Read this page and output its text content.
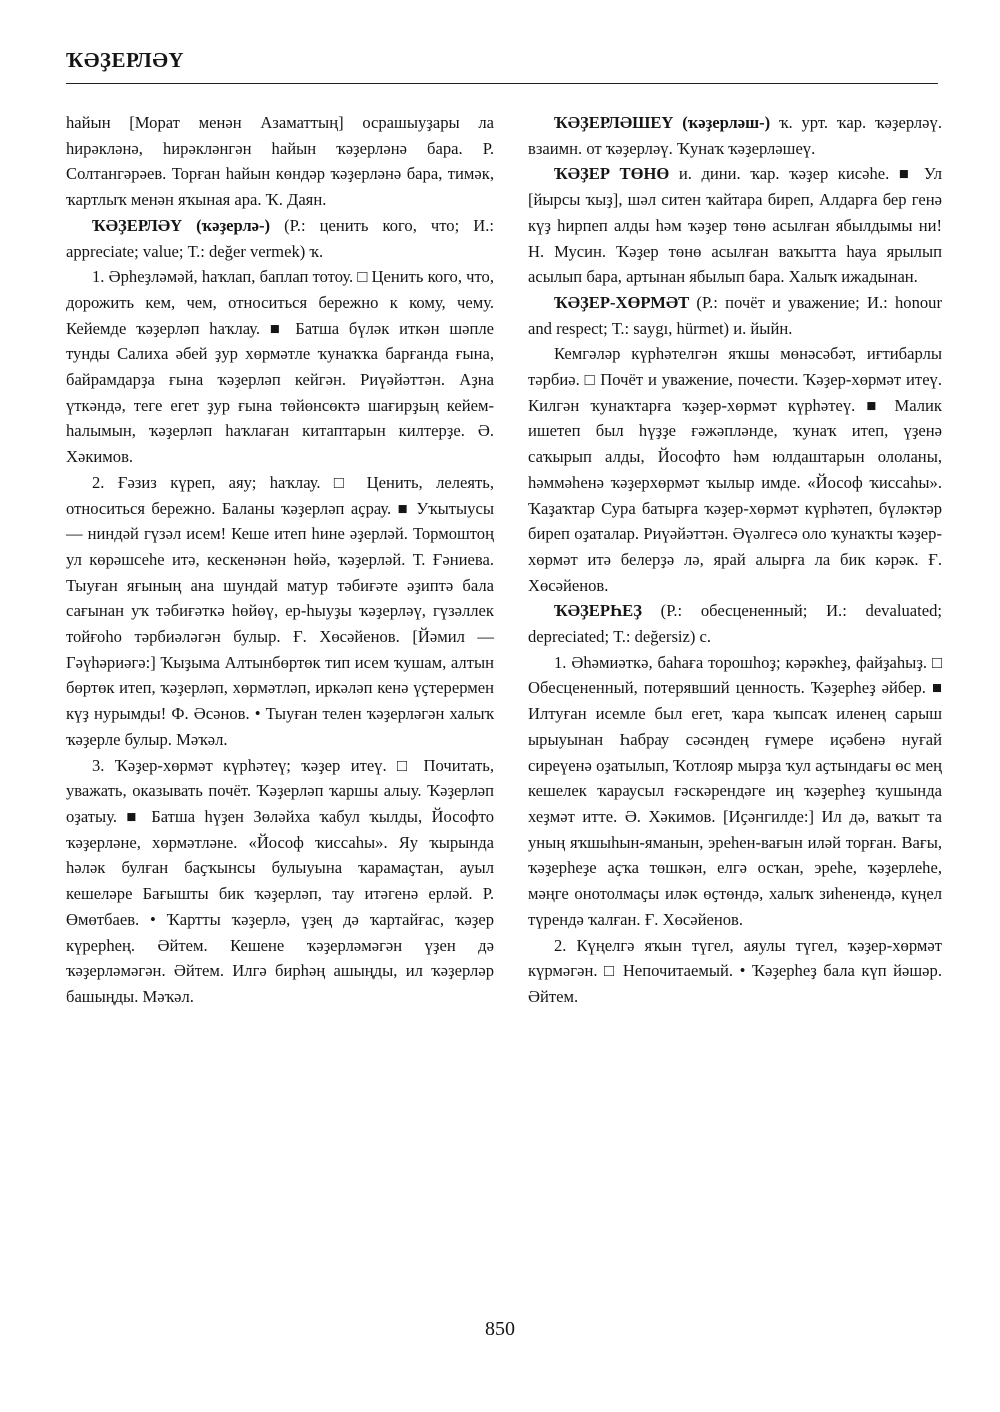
ҠӘҘЕРЛӘҮ

һайын [Морат менән Азаматтың] осрашыуҙары ла һирәкләнә, һирәкләнгән һайын ҡәҙерләнә бара. Р. Солтангәрәев. Торған һайын көндәр ҡәҙерләнә бара, тимәк, ҡартлыҡ менән яҡыная ара. Ҡ. Даян.

ҠӘҘЕРЛӘҮ (ҡәҙерлә-) (Р.: ценить кого, что; И.: appreciate; value; Т.: değer vermek) ҡ.

1. Әрһеҙләмәй, һаҡлап, баплап тотоу. □ Ценить кого, что, дорожить кем, чем, относиться бережно к кому, чему. Кейемде ҡәҙерләп һаҡлау. ■ Батша бүләк иткән шәпле тунды Салиха әбей ҙур хөрмәтле ҡунаҡҡа барғанда ғына, байрамдарҙа ғына ҡәҙерләп кейгән. Риүәйәттән. Аҙна үткәндә, теге егет ҙур ғына төйөнсөктә шағирҙың кейем-һалымын, ҡәҙерләп һаҡлаған китаптарын килтерҙе. Ә. Хәкимов.

2. Ғәзиз күреп, аяу; һаҡлау. □ Ценить, лелеять, относиться бережно. Баланы ҡәҙерләп аҫрау. ■ Уҡытыусы — ниндәй гүзәл исем! Кеше итеп һине әҙерләй. Тормоштоң ул көрәшсеһе итә, кескенәнән һөйә, ҡәҙерләй. Т. Ғәниева. Тыуған яғының ана шундай матур тәбиғәте әҙиптә бала сағынан уҡ тәбиғәткә һөйөү, ер-һыуҙы ҡәҙерләү, гүзәллек тойғоһо тәрбиәләгән булыр. Ғ. Хөсәйенов. [Йәмил — Гәүһәриәгә:] Ҡыҙыма Алтынбөртөк тип исем ҡушам, алтын бөртөк итеп, ҡәҙерләп, хөрмәтләп, иркәләп кенә үҫтерермен күҙ нурымды! Ф. Әсәнов. • Тыуған телен ҡәҙерләгән халыҡ ҡәҙерле булыр. Мәҡәл.

3. Ҡәҙер-хөрмәт күрһәтеү; ҡәҙер итеү. □ Почитать, уважать, оказывать почёт. Ҡәҙерләп ҡаршы алыу. Ҡәҙерләп оҙатыу. ■ Батша һүҙен Зөләйха ҡабул ҡылды, Йософто ҡәҙерләне, хөрмәтләне. «Йософ ҡиссаһы». Яу ҡырында һәләк булған баҫҡынсы булыуына ҡарамаҫтан, ауыл кешеләре Бағышты бик ҡәҙерләп, тау итәгенә ерләй. Р. Өмөтбаев. • Ҡартты ҡәҙерлә, үҙең дә ҡартайғас, ҡәҙер күрерһең. Әйтем. Кешене ҡәҙерләмәгән үҙен дә ҡәҙерләмәгән. Әйтем. Илгә бирһәң ашыңды, ил ҡәҙерләр башыңды. Мәҡәл.

ҠӘҘЕРЛӘШЕҮ (ҡәҙерләш-) ҡ. урт. ҡар. ҡәҙерләү. взаимн. от ҡәҙерләү. Ҡунаҡ ҡәҙерләшеү.

ҠӘҘЕР ТӨНӨ и. дини. ҡар. ҡәҙер кисәһе. ■ Ул [йырсы ҡыҙ], шәл ситен ҡайтара биреп, Алдарға бер генә күҙ һирпеп алды һәм ҡәҙер төнө асылған ябылдымы ни! Н. Мусин. Ҡәҙер төнө асылған ваҡытта һауа ярылып асылып бара, артынан ябылып бара. Халыҡ ижадынан.

ҠӘҘЕР-ХӨРМӘТ (Р.: почёт и уважение; И.: honour and respect; Т.: saygı, hürmet) и. йыйн.

Кемгәләр күрһәтелгән яҡшы мөнәсәбәт, иғтибарлы тәрбиә. □ Почёт и уважение, почести. Ҡәҙер-хөрмәт итеү. Килгән ҡунаҡтарға ҡәҙер-хөрмәт күрһәтеү. ■ Малик ишетеп был һүҙҙе ғәжәпләнде, ҡунаҡ итеп, үҙенә саҡырып алды, Йософто һәм юлдаштарын ололаны, һәммәһенә ҡәҙерхөрмәт ҡылыр имде. «Йософ ҡиссаһы». Ҡаҙаҡтар Сура батырға ҡәҙер-хөрмәт күрһәтеп, бүләктәр биреп оҙаталар. Риүәйәттән. Әүәлгесә оло ҡунаҡты ҡәҙер-хөрмәт итә белерҙә лә, ярай алырға ла бик кәрәк. Ғ. Хөсәйенов.

ҠӘҘЕРҺЕҘ (Р.: обесцененный; И.: devaluated; depreciated; Т.: değersiz) с.

1. Әһәмиәткә, баһаға торошһоҙ; кәрәкһеҙ, файҙаһыҙ. □ Обесцененный, потерявший ценность. Ҡәҙерһеҙ әйбер. ■ Илтуған исемле был егет, ҡара ҡыпсаҡ иленең сарыш ырыуынан Һабрау сәсәндең ғүмере иҫәбенә нуғай сиреүенә оҙатылып, Ҡотлояр мырҙа ҡул аҫтындағы өс мең кешелек ҡараусыл ғәскәрендәге иң ҡәҙерһеҙ ҡушында хеҙмәт итте. Ә. Хәкимов. [Иҫәнгилде:] Ил дә, ваҡыт та уның яҡшыһын-яманын, эреһен-вағын иләй торған. Вағы, ҡәҙерһеҙе аҫҡа төшкән, елгә осҡан, эреһе, ҡәҙерлеһе, мәңге онотолмаҫы иләк өҫтөндә, халыҡ зиһенендә, күңел түрендә ҡалған. Ғ. Хөсәйенов.

2. Күңелгә яҡын түгел, аяулы түгел, ҡәҙер-хөрмәт күрмәгән. □ Непочитаемый. • Ҡәҙерһеҙ бала күп йәшәр. Әйтем.

850
